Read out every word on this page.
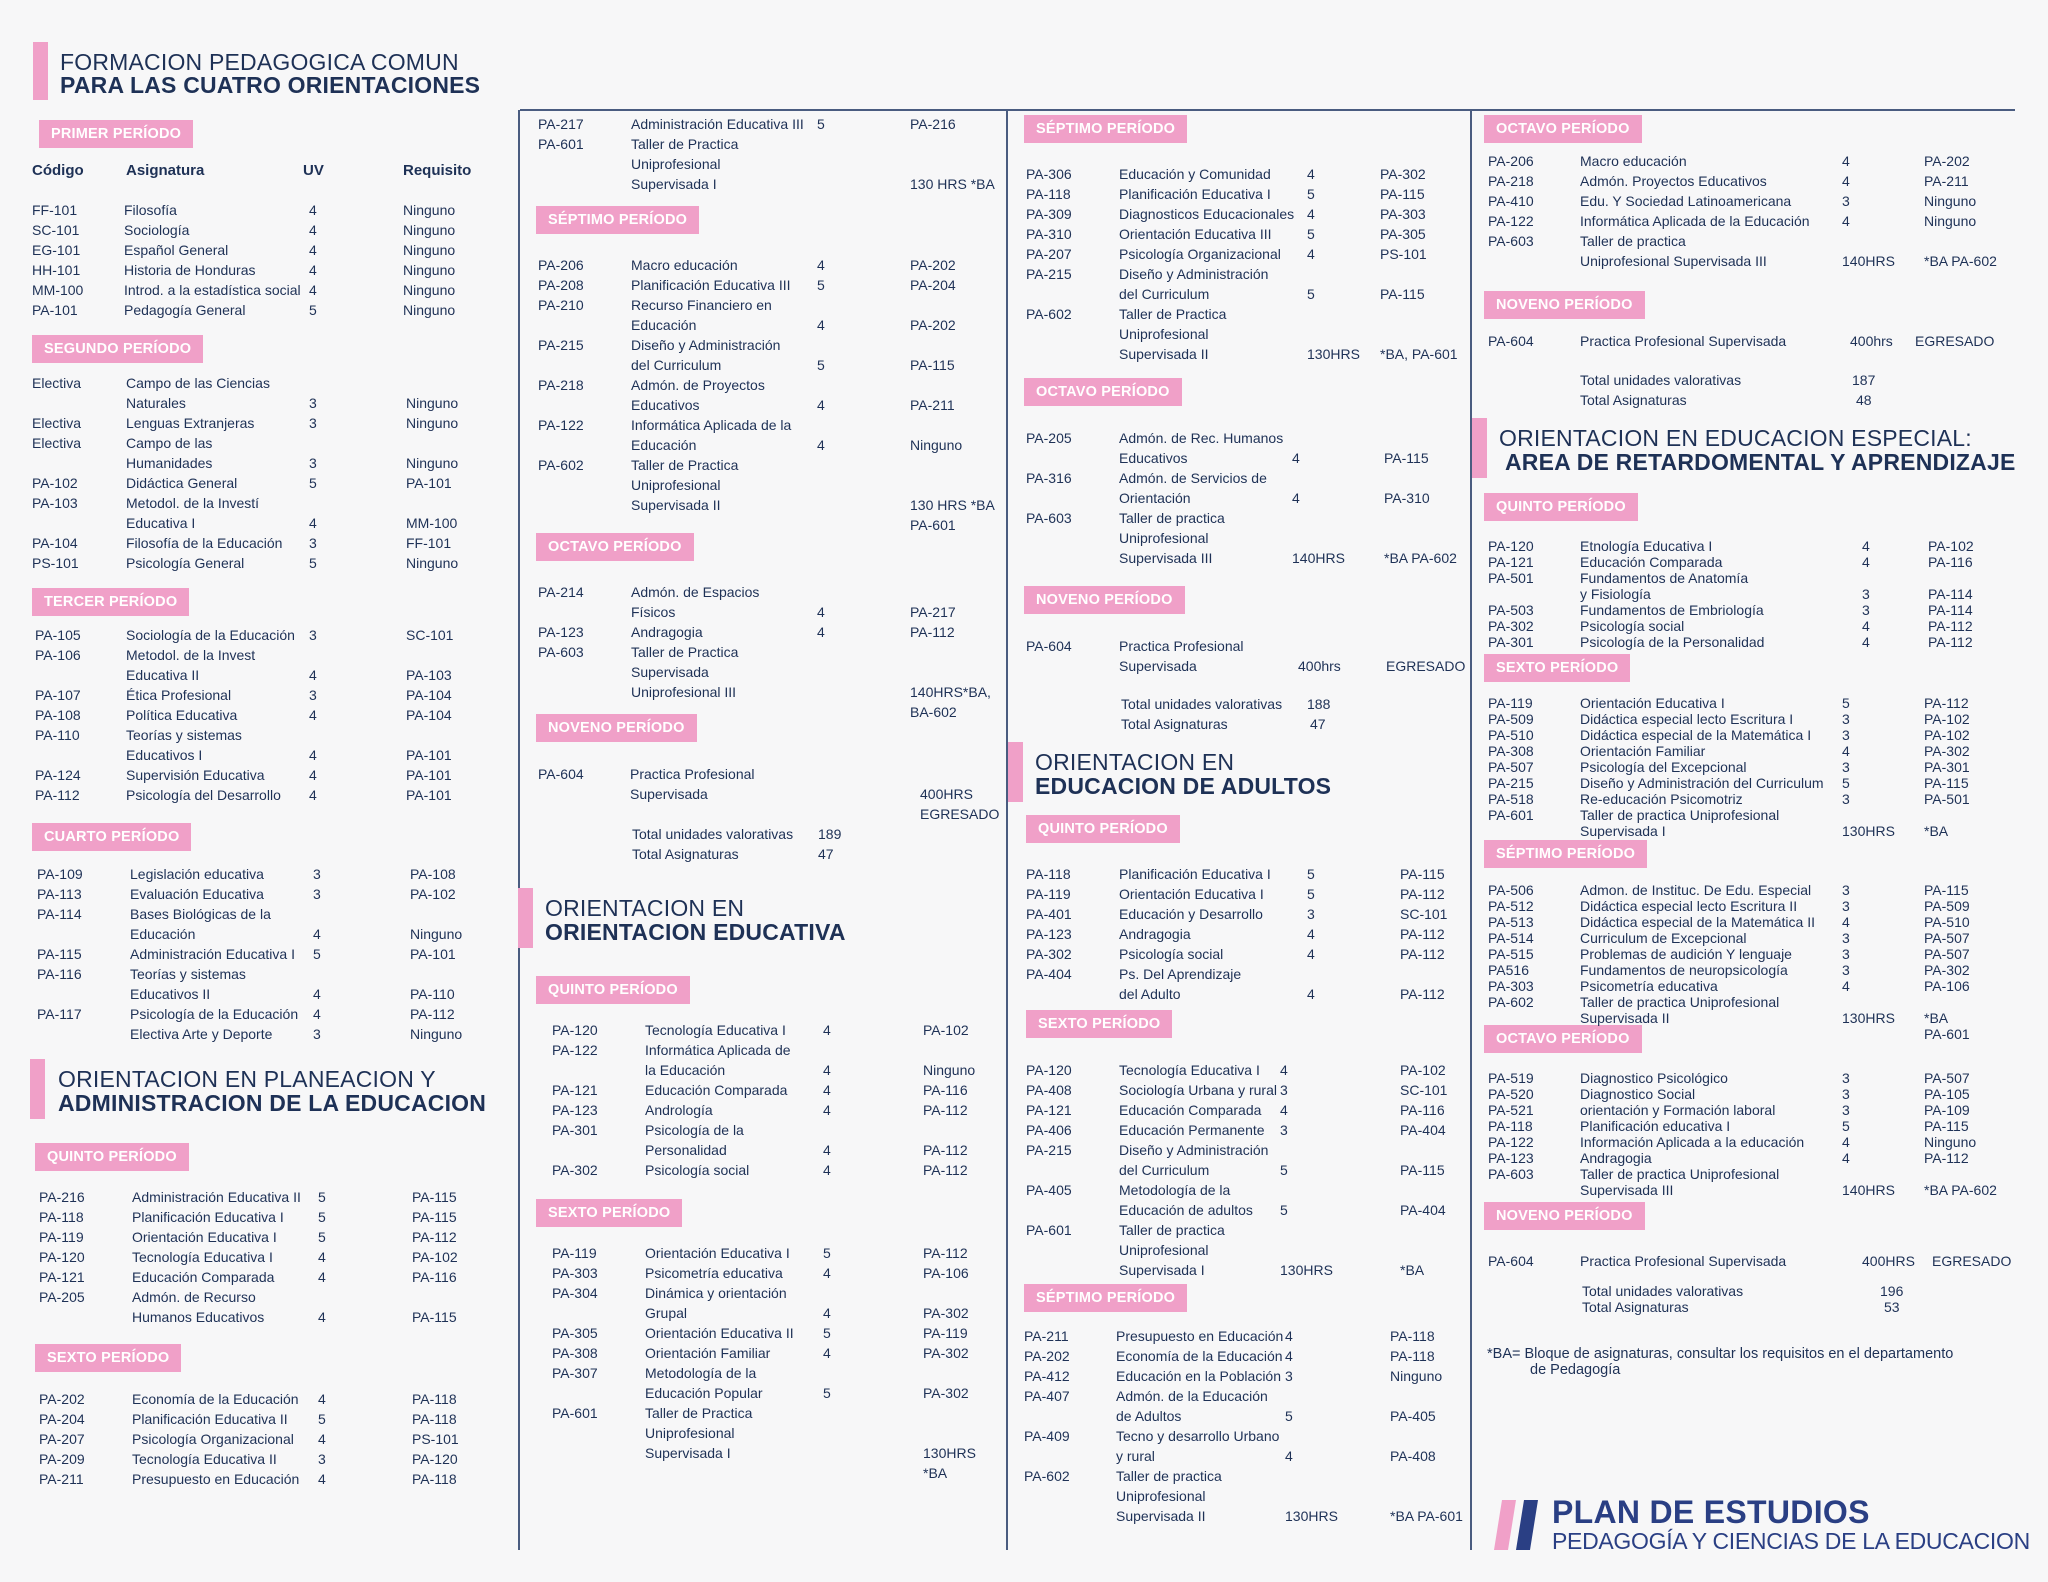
FORMACION PEDAGOGICA COMUN
PARA LAS CUATRO ORIENTACIONES
ORIENTACION EN PLANEACION Y
ADMINISTRACION DE LA EDUCACION
ORIENTACION EN
ORIENTACION EDUCATIVA
ORIENTACION EN
EDUCACION DE ADULTOS
ORIENTACION EN EDUCACION ESPECIAL:
AREA DE RETARDOMENTAL Y APRENDIZAJE
Código	Asignatura	UV	Requisito
PRIMER PERÍODO
SEGUNDO PERÍODO
TERCER PERÍODO
CUARTO PERÍODO
QUINTO PERÍODO
SEXTO PERÍODO
SÉPTIMO PERÍODO
OCTAVO PERÍODO
NOVENO PERÍODO
QUINTO PERÍODO
SEXTO PERÍODO
SÉPTIMO PERÍODO
OCTAVO PERÍODO
NOVENO PERÍODO
QUINTO PERÍODO
SEXTO PERÍODO
SÉPTIMO PERÍODO
OCTAVO PERÍODO
NOVENO PERÍODO
QUINTO PERÍODO
SEXTO PERÍODO
SÉPTIMO PERÍODO
OCTAVO PERÍODO
NOVENO PERÍODO
FF-101	Filosofía	4	Ninguno
SC-101	Sociología	4	Ninguno
EG-101	Español General	4	Ninguno
HH-101	Historia de Honduras	4	Ninguno
MM-100	Introd. a la estadística social 4	Ninguno
PA-101	Pedagogía General	5	Ninguno
Electiva	Campo de las Ciencias
Naturales	3	Ninguno
Electiva	Lenguas Extranjeras	3	Ninguno
Electiva	Campo de las
Humanidades	3	Ninguno
PA-102	Didáctica General	5	PA-101
PA-103	Metodol. de la Investí
Educativa I	4	MM-100
PA-104	Filosofía de la Educación 3	FF-101
PS-101	Psicología General	5	Ninguno
PA-105	Sociología de la Educación 3	SC-101
PA-106	Metodol. de la Invest
Educativa II	4	PA-103
PA-107	Ética Profesional	3	PA-104
PA-108	Política Educativa	4	PA-104
PA-110	Teorías y sistemas
Educativos I	4	PA-101
PA-124	Supervisión Educativa	4	PA-101
PA-112	Psicología del Desarrollo 4	PA-101
PA-109	Legislación educativa	3	PA-108
PA-113	Evaluación Educativa	3	PA-102
PA-114	Bases Biológicas de la
Educación	4	Ninguno
PA-115	Administración Educativa I 5	PA-101
PA-116	Teorías y sistemas
Educativos II	4	PA-110
PA-117	Psicología de la Educación 4	PA-112
Electiva Arte y Deporte	3	Ninguno
PA-216	Administración Educativa II 5	PA-115
PA-118	Planificación Educativa I 5	PA-115
PA-119	Orientación Educativa I	5	PA-112
PA-120	Tecnología Educativa I	4	PA-102
PA-121	Educación Comparada	4	PA-116
PA-205	Admón. de Recurso
Humanos Educativos	4	PA-115
PA-202	Economía de la Educación 4	PA-118
PA-204	Planificación Educativa II 5	PA-118
PA-207	Psicología Organizacional 4	PS-101
PA-209	Tecnología Educativa II	3	PA-120
PA-211	Presupuesto en Educación 4	PA-118
PA-217	Administración Educativa III 5	PA-216
PA-601	Taller de Practica
Uniprofesional
Supervisada I	130 HRS *BA
PA-206	Macro educación	4	PA-202
PA-208	Planificación Educativa III 5	PA-204
PA-210	Recurso Financiero en
Educación	4	PA-202
PA-215	Diseño y Administración
del Curriculum	5	PA-115
PA-218	Admón. de Proyectos
Educativos	4	PA-211
PA-122	Informática Aplicada de la
Educación	4	Ninguno
PA-602	Taller de Practica
Uniprofesional
Supervisada II	130 HRS *BA
PA-601
PA-214	Admón. de Espacios
Físicos	4	PA-217
PA-123	Andragogia	4	PA-112
PA-603	Taller de Practica
Supervisada
Uniprofesional III	140HRS*BA,
BA-602
PA-604	Practica Profesional
Supervisada	400HRS
EGRESADO
PA-120	Tecnología Educativa I	4	PA-102
PA-122	Informática Aplicada de
la Educación	4	Ninguno
PA-121	Educación Comparada	4	PA-116
PA-123	Andrología	4	PA-112
PA-301	Psicología de la
Personalidad	4	PA-112
PA-302	Psicología social	4	PA-112
PA-119	Orientación Educativa I 5	PA-112
PA-303	Psicometría educativa	4	PA-106
PA-304	Dinámica y orientación
Grupal	4	PA-302
PA-305	Orientación Educativa II 5	PA-119
PA-308	Orientación Familiar	4	PA-302
PA-307	Metodología de la
Educación Popular	5	PA-302
PA-601	Taller de Practica
Uniprofesional
Supervisada I	130HRS
*BA
PA-306	Educación y Comunidad	4	PA-302
PA-118	Planificación Educativa I	5	PA-115
PA-309	Diagnosticos Educacionales 4	PA-303
PA-310	Orientación Educativa III	5	PA-305
PA-207	Psicología Organizacional 4	PS-101
PA-215	Diseño y Administración
del Curriculum	5	PA-115
PA-602	Taller de Practica
Uniprofesional
Supervisada II	130HRS *BA, PA-601
PA-205	Admón. de Rec. Humanos
Educativos	4	PA-115
PA-316	Admón. de Servicios de
Orientación	4	PA-310
PA-603	Taller de practica
Uniprofesional
Supervisada III	140HRS	*BA PA-602
PA-604	Practica Profesional
Supervisada	400hrs	EGRESADO
PA-118	Planificación Educativa I	5	PA-115
PA-119	Orientación Educativa I	5	PA-112
PA-401	Educación y Desarrollo	3	SC-101
PA-123	Andragogia	4	PA-112
PA-302	Psicología social	4	PA-112
PA-404	Ps. Del Aprendizaje
del Adulto	4	PA-112
PA-120	Tecnología Educativa I 4	PA-102
PA-408	Sociología Urbana y rural 3	SC-101
PA-121	Educación Comparada 4	PA-116
PA-406	Educación Permanente 3	PA-404
PA-215	Diseño y Administración
del Curriculum	5	PA-115
PA-405	Metodología de la
Educación de adultos 5	PA-404
PA-601	Taller de practica
Uniprofesional
Supervisada I	130HRS	*BA
PA-211	Presupuesto en Educación 4	PA-118
PA-202	Economía de la Educación 4	PA-118
PA-412	Educación en la Población 3	Ninguno
PA-407	Admón. de la Educación
de Adultos	5	PA-405
PA-409	Tecno y desarrollo Urbano
y rural	4	PA-408
PA-602	Taller de practica
Uniprofesional
Supervisada II	130HRS	*BA PA-601
PA-206	Macro educación	4	PA-202
PA-218	Admón. Proyectos Educativos	4	PA-211
PA-410	Edu. Y Sociedad Latinoamericana	3	Ninguno
PA-122	Informática Aplicada de la Educación 4	Ninguno
PA-603	Taller de practica
Uniprofesional Supervisada III	140HRS *BA PA-602
PA-604	Practica Profesional Supervisada	400hrs EGRESADO
PA-120	Etnología Educativa I	4	PA-102
PA-121	Educación Comparada	4	PA-116
PA-501	Fundamentos de Anatomía
y Fisiología	3	PA-114
PA-503	Fundamentos de Embriología	3	PA-114
PA-302	Psicología social	4	PA-112
PA-301	Psicología de la Personalidad	4	PA-112
PA-119	Orientación Educativa I	5	PA-112
PA-509	Didáctica especial lecto Escritura I	3	PA-102
PA-510	Didáctica especial de la Matemática I 3	PA-102
PA-308	Orientación Familiar	4	PA-302
PA-507	Psicología del Excepcional	3	PA-301
PA-215	Diseño y Administración del Curriculum 5	PA-115
PA-518	Re-educación Psicomotriz	3	PA-501
PA-601	Taller de practica Uniprofesional
Supervisada I	130HRS *BA
PA-506	Admon. de Instituc. De Edu. Especial 3	PA-115
PA-512	Didáctica especial lecto Escritura II	3	PA-509
PA-513	Didáctica especial de la Matemática II 4	PA-510
PA-514	Curriculum de Excepcional	3	PA-507
PA-515	Problemas de audición Y lenguaje	3	PA-507
PA516	Fundamentos de neuropsicología	3	PA-302
PA-303	Psicometría educativa	4	PA-106
PA-602	Taller de practica Uniprofesional
Supervisada II	130HRS *BA
PA-601
PA-519	Diagnostico Psicológico	3	PA-507
PA-520	Diagnostico Social	3	PA-105
PA-521	orientación y Formación laboral	3	PA-109
PA-118	Planificación educativa I	5	PA-115
PA-122	Información Aplicada a la educación	4	Ninguno
PA-123	Andragogia	4	PA-112
PA-603	Taller de practica Uniprofesional
Supervisada III	140HRS *BA PA-602
PA-604	Practica Profesional Supervisada	400HRS EGRESADO
Total unidades valorativas 189
Total Asignaturas	47
Total unidades valorativas 188
Total Asignaturas	47
Total unidades valorativas	187
Total Asignaturas	48
Total unidades valorativas	196
Total Asignaturas	53
*BA= Bloque de asignaturas, consultar los requisitos en el departamento
de Pedagogía
PLAN DE ESTUDIOS
PEDAGOGÍA Y CIENCIAS DE LA EDUCACION
